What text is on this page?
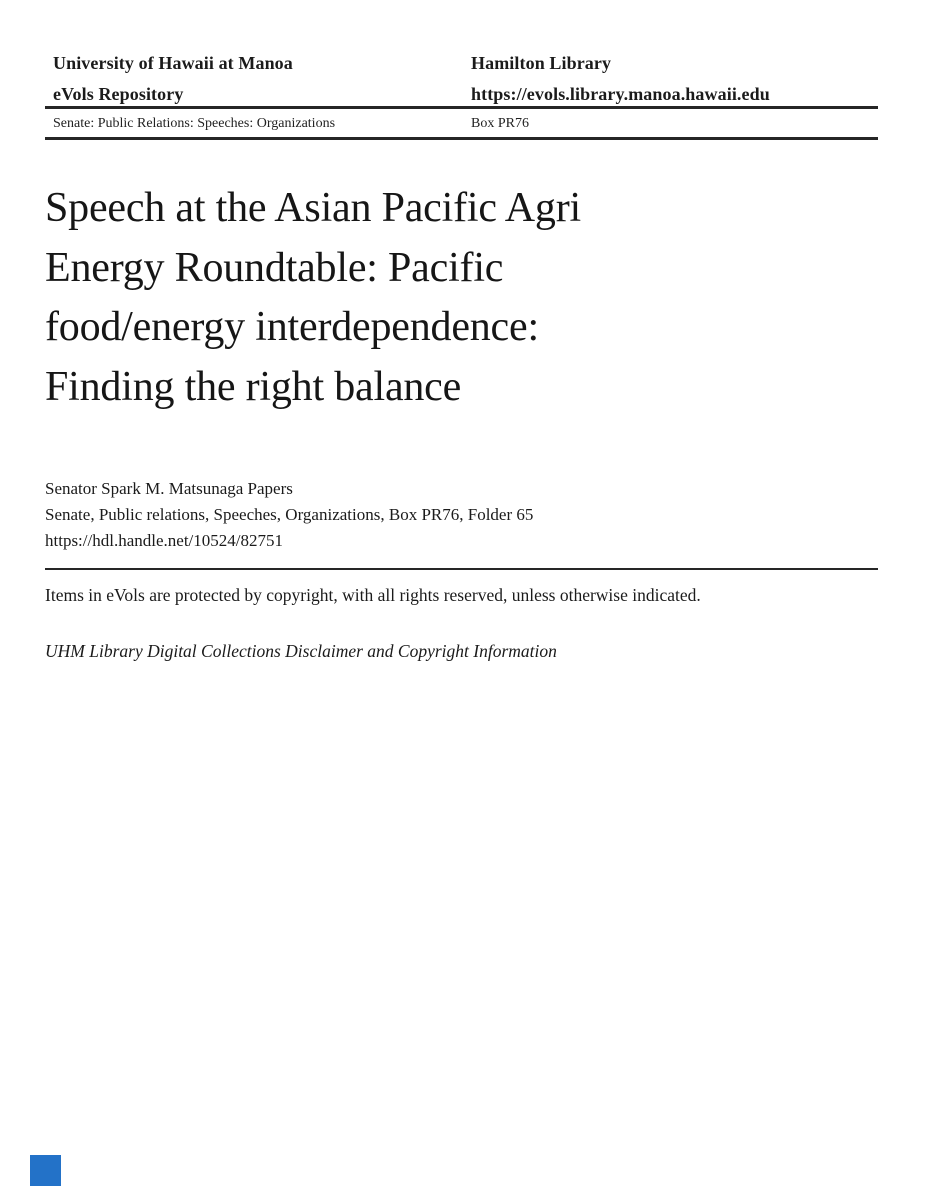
University of Hawaii at Manoa
eVols Repository
Hamilton Library
https://evols.library.manoa.hawaii.edu
Senate: Public Relations: Speeches: Organizations	Box PR76
Speech at the Asian Pacific Agri
Energy Roundtable: Pacific
food/energy interdependence:
Finding the right balance
Senator Spark M. Matsunaga Papers
Senate, Public relations, Speeches, Organizations, Box PR76, Folder 65
https://hdl.handle.net/10524/82751
Items in eVols are protected by copyright, with all rights reserved, unless otherwise indicated.
UHM Library Digital Collections Disclaimer and Copyright Information
